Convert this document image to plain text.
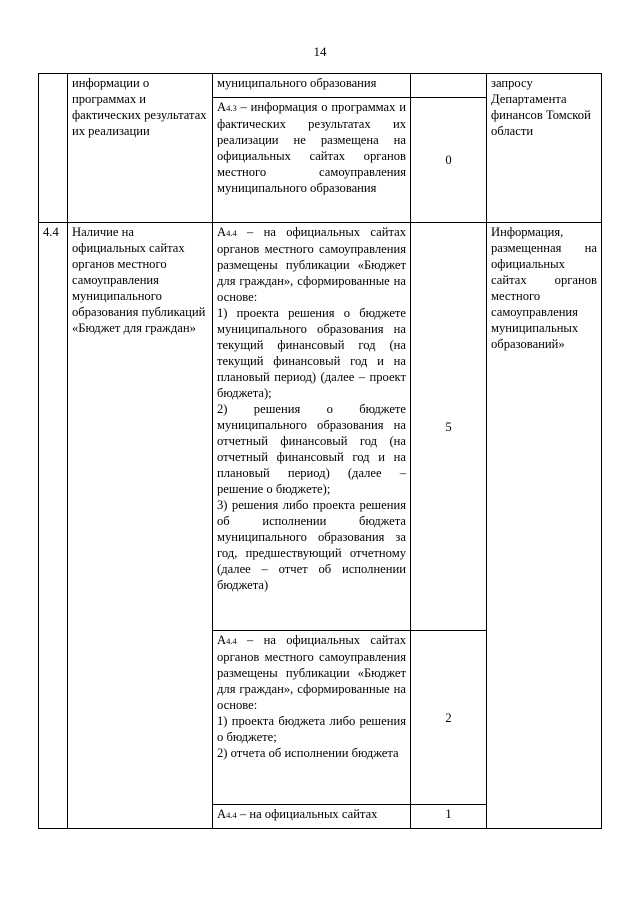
14
	информации о программах и фактических результатах их реализации	муниципального образования		запросу Департамента финансов Томской области
		А4.3 – информация о программах и фактических результатах их реализации не размещена на официальных сайтах органов местного самоуправления муниципального образования	0	
4.4	Наличие на официальных сайтах органов местного самоуправления муниципального образования публикаций «Бюджет для граждан»	А4.4 – на официальных сайтах органов местного самоуправления размещены публикации «Бюджет для граждан», сформированные на основе:
1) проекта решения о бюджете муниципального образования на текущий финансовый год (на текущий финансовый год и на плановый период) (далее – проект бюджета);
2) решения о бюджете муниципального образования на отчетный финансовый год (на отчетный финансовый год и на плановый период) (далее – решение о бюджете);
3) решения либо проекта решения об исполнении бюджета муниципального образования за год, предшествующий отчетному (далее – отчет об исполнении бюджета)	5	Информация, размещенная на официальных сайтах органов местного самоуправления муниципальных образований»

		А4.4 – на официальных сайтах органов местного самоуправления размещены публикации «Бюджет для граждан», сформированные на основе:
1) проекта бюджета либо решения о бюджете;
2) отчета об исполнении бюджета	2	
		А4.4 – на официальных сайтах	1	
